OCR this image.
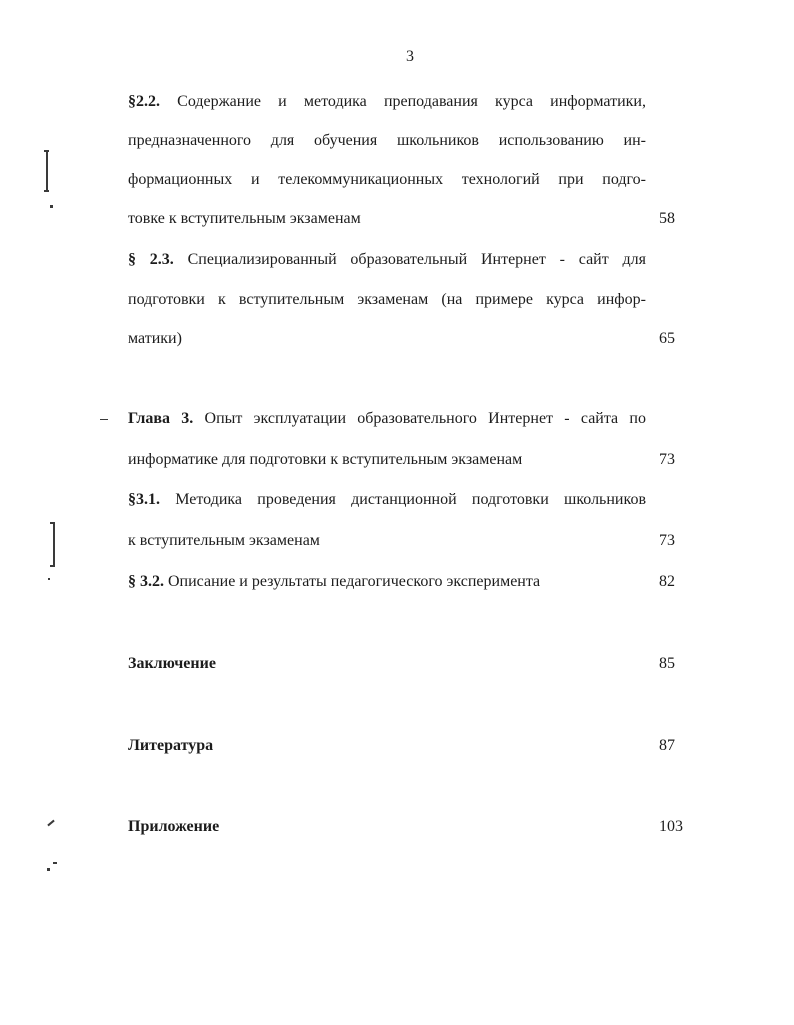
3
§2.2. Содержание и методика преподавания курса информатики,
предназначенного для обучения школьников использованию ин-
формационных и телекоммуникационных технологий при подго-
товке к вступительным экзаменам	58
§ 2.3. Специализированный образовательный Интернет - сайт для
подготовки к вступительным экзаменам (на примере курса инфор-
матики)	65
Глава 3. Опыт эксплуатации образовательного Интернет - сайта по
информатике для подготовки к вступительным экзаменам	73
§3.1. Методика проведения дистанционной подготовки школьников
к вступительным экзаменам	73
§ 3.2. Описание и результаты педагогического эксперимента	82
Заключение	85
Литература	87
Приложение	103
